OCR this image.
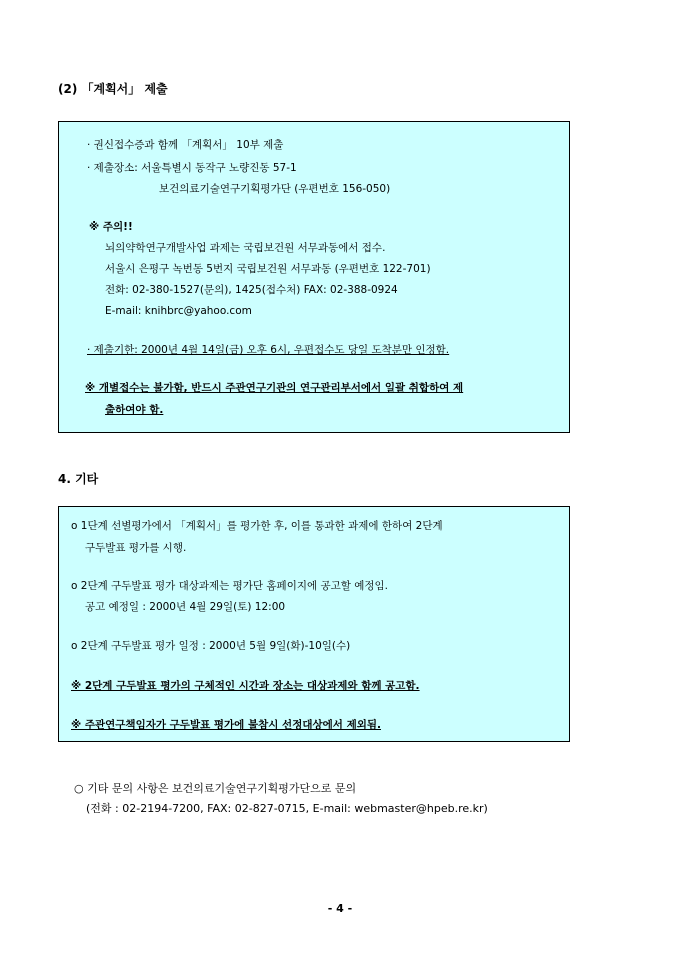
(2) 「계획서」 제출
· 권신접수증과 함께 「계획서」 10부 제출
· 제출장소: 서울특별시 동작구 노량진동 57-1
보건의료기술연구기획평가단 (우편번호 156-050)
※ 주의!!
뇌의약학연구개발사업 과제는 국립보건원 서무과동에서 접수.
서울시 은평구 녹번동 5번지 국립보건원 서무과동 (우편번호 122-701)
전화: 02-380-1527(문의), 1425(접수처) FAX: 02-388-0924
E-mail: knihbrc@yahoo.com
· 제출기한: 2000년 4월 14일(금) 오후 6시, 우편접수도 당일 도착분만 인정함.
※ 개별접수는 불가함, 반드시 주관연구기관의 연구관리부서에서 일괄 취합하여 제
출하여야 함.
4. 기타
o 1단계 선별평가에서 「계획서」를 평가한 후, 이를 통과한 과제에 한하여 2단계
구두발표 평가를 시행.
o 2단계 구두발표 평가 대상과제는 평가단 홈페이지에 공고할 예정임.
공고 예정일 : 2000년 4월 29일(토) 12:00
o 2단계 구두발표 평가 일정 : 2000년 5월 9일(화)-10일(수)
※ 2단계 구두발표 평가의 구체적인 시간과 장소는 대상과제와 함께 공고함.
※ 주관연구책임자가 구두발표 평가에 불참시 선정대상에서 제외됨.
○ 기타 문의 사항은 보건의료기술연구기획평가단으로 문의
(전화 : 02-2194-7200, FAX: 02-827-0715, E-mail: webmaster@hpeb.re.kr)
- 4 -
